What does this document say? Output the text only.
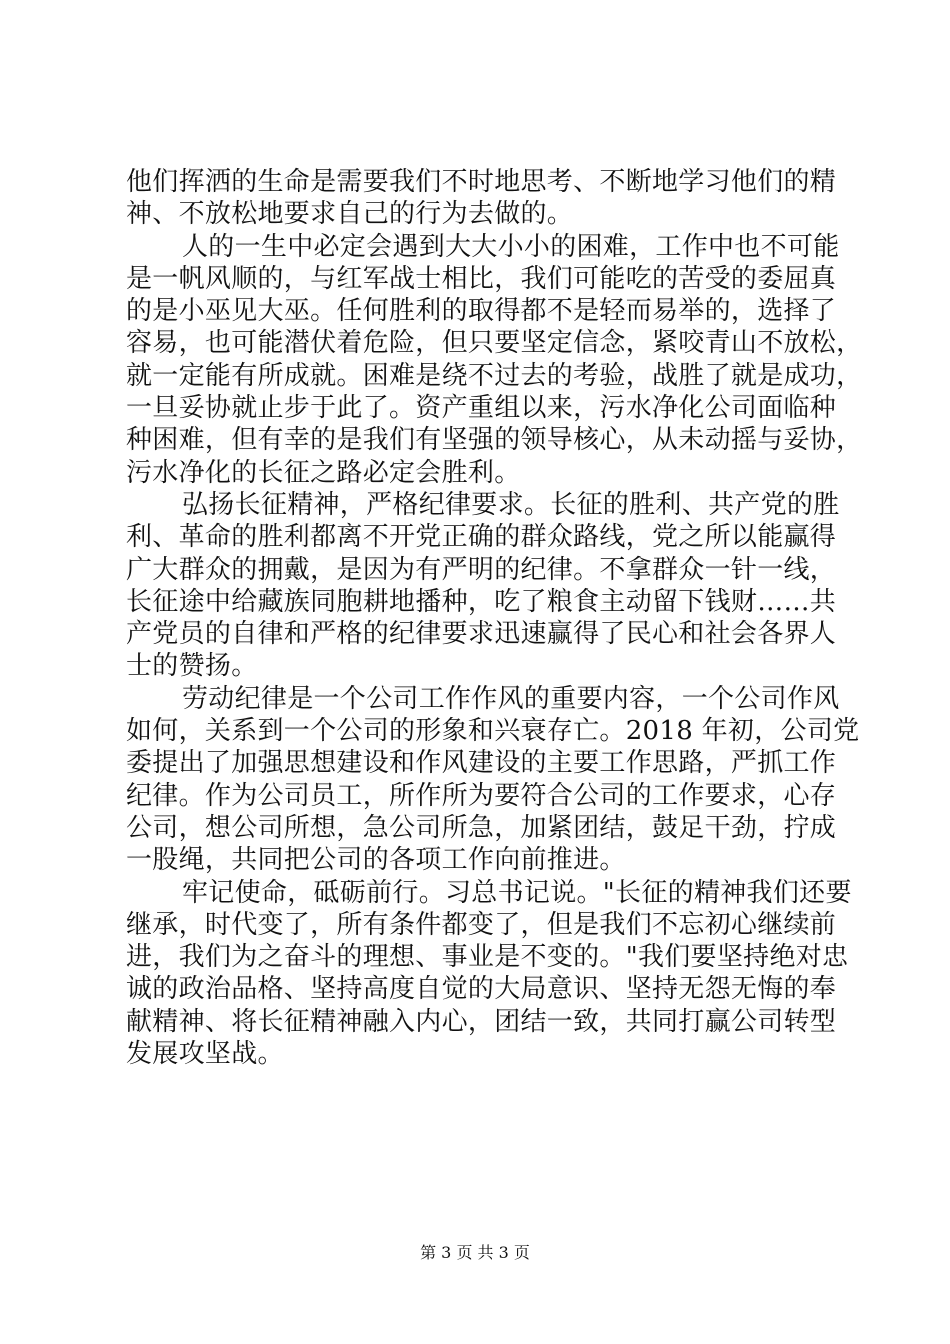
他们挥洒的生命是需要我们不时地思考、不断地学习他们的精
神、不放松地要求自己的行为去做的。
人的一生中必定会遇到大大小小的困难，工作中也不可能
是一帆风顺的，与红军战士相比，我们可能吃的苦受的委屈真
的是小巫见大巫。任何胜利的取得都不是轻而易举的，选择了
容易，也可能潜伏着危险，但只要坚定信念，紧咬青山不放松，
就一定能有所成就。困难是绕不过去的考验，战胜了就是成功，
一旦妥协就止步于此了。资产重组以来，污水净化公司面临种
种困难，但有幸的是我们有坚强的领导核心，从未动摇与妥协，
污水净化的长征之路必定会胜利。
弘扬长征精神，严格纪律要求。长征的胜利、共产党的胜
利、革命的胜利都离不开党正确的群众路线，党之所以能赢得
广大群众的拥戴，是因为有严明的纪律。不拿群众一针一线，
长征途中给藏族同胞耕地播种，吃了粮食主动留下钱财……共
产党员的自律和严格的纪律要求迅速赢得了民心和社会各界人
士的赞扬。
劳动纪律是一个公司工作作风的重要内容，一个公司作风
如何，关系到一个公司的形象和兴衰存亡。2018 年初，公司党
委提出了加强思想建设和作风建设的主要工作思路，严抓工作
纪律。作为公司员工，所作所为要符合公司的工作要求，心存
公司，想公司所想，急公司所急，加紧团结，鼓足干劲，拧成
一股绳，共同把公司的各项工作向前推进。
牢记使命，砥砺前行。习总书记说。"长征的精神我们还要
继承，时代变了，所有条件都变了，但是我们不忘初心继续前
进，我们为之奋斗的理想、事业是不变的。"我们要坚持绝对忠
诚的政治品格、坚持高度自觉的大局意识、坚持无怨无悔的奉
献精神、将长征精神融入内心，团结一致，共同打赢公司转型
发展攻坚战。
第 3 页 共 3 页
